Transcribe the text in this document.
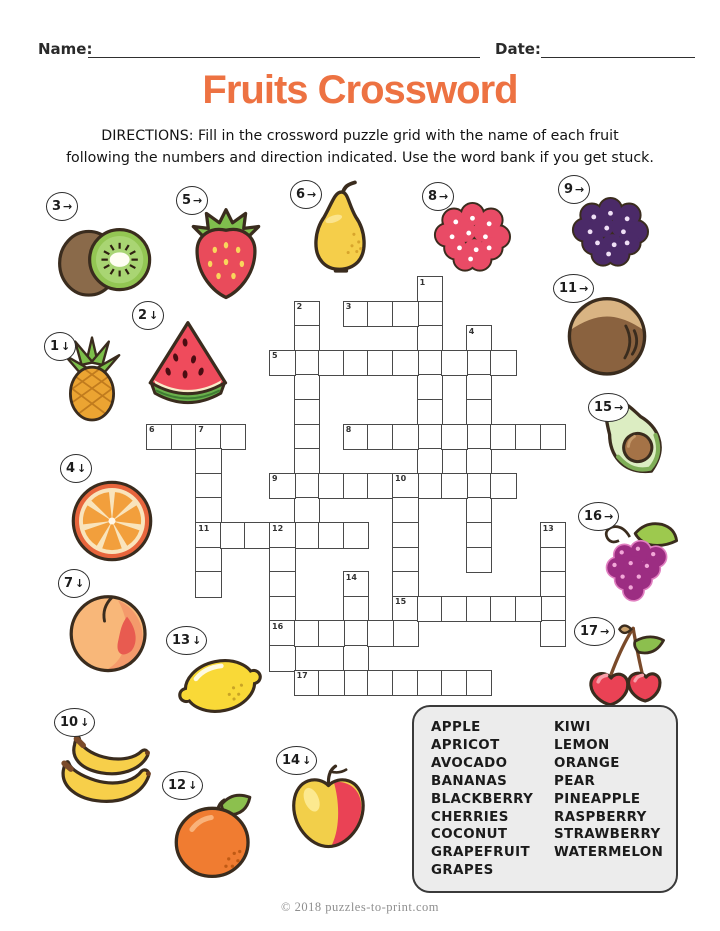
Name:	Date:
Fruits Crossword
DIRECTIONS: Fill in the crossword puzzle grid with the name of each fruit
following the numbers and direction indicated. Use the word bank if you get stuck.
1
2	3
4
5
6	7
11
8
9	10
15
12
16
13
14
17
1 ↓
2 ↓
3 →
4 ↓
5 →	6 →
7 ↓
8 →	9 →
10 ↓
11 →
12 ↓
13 ↓
14 ↓
15 →
16 →
17 →
APPLE
APRICOT
AVOCADO
BANANAS
BLACKBERRY
CHERRIES
COCONUT
GRAPEFRUIT
GRAPES
KIWI
LEMON
ORANGE
PEAR
PINEAPPLE
RASPBERRY
STRAWBERRY
WATERMELON
© 2018 puzzles-to-print.com
